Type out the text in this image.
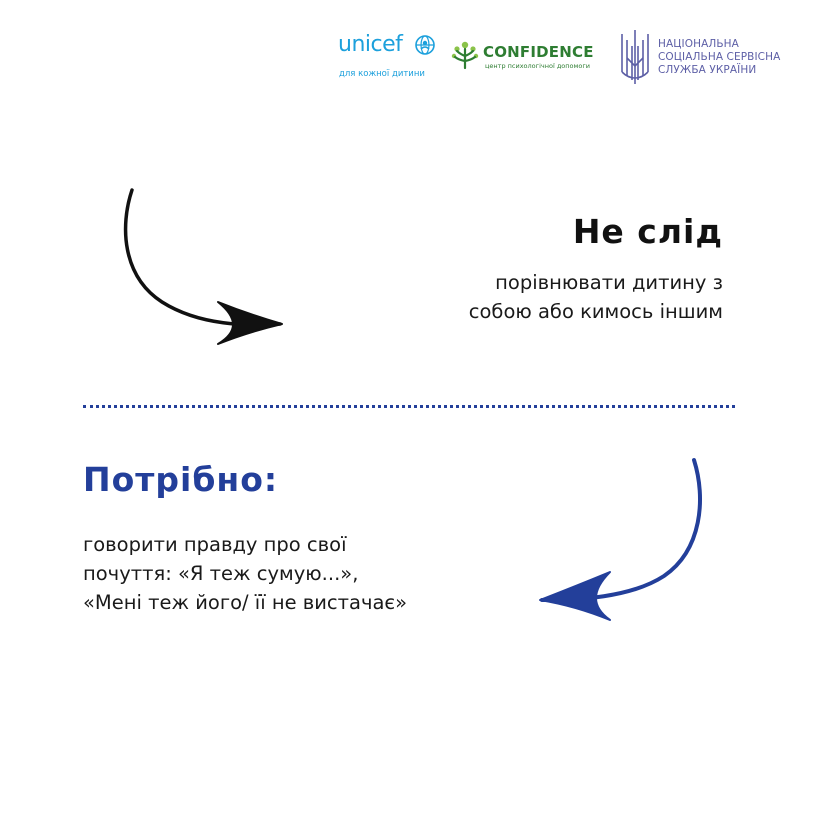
unicef
для кожної дитини
CONFIDENCE
центр психологічної допомоги
НАЦІОНАЛЬНА
СОЦІАЛЬНА СЕРВІСНА
СЛУЖБА УКРАЇНИ
Не слід
порівнювати дитину з
собою або кимось іншим
Потрібно:
говорити правду про свої
почуття: «Я теж сумую...»,
«Мені теж його/ її не вистачає»
